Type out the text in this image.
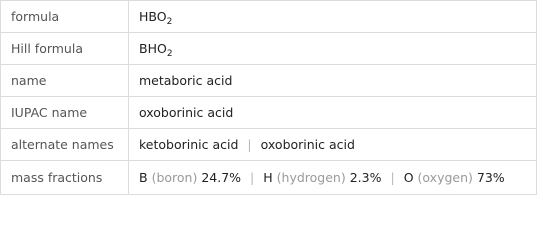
formula	$HBO_2$
Hill formula	$BHO_2$
name	metaboric acid
IUPAC name	oxoborinic acid
alternate names	ketoborinic acid | oxoborinic acid
mass fractions	B (boron) 24.7% | H (hydrogen) 2.3% | O (oxygen) 73%
